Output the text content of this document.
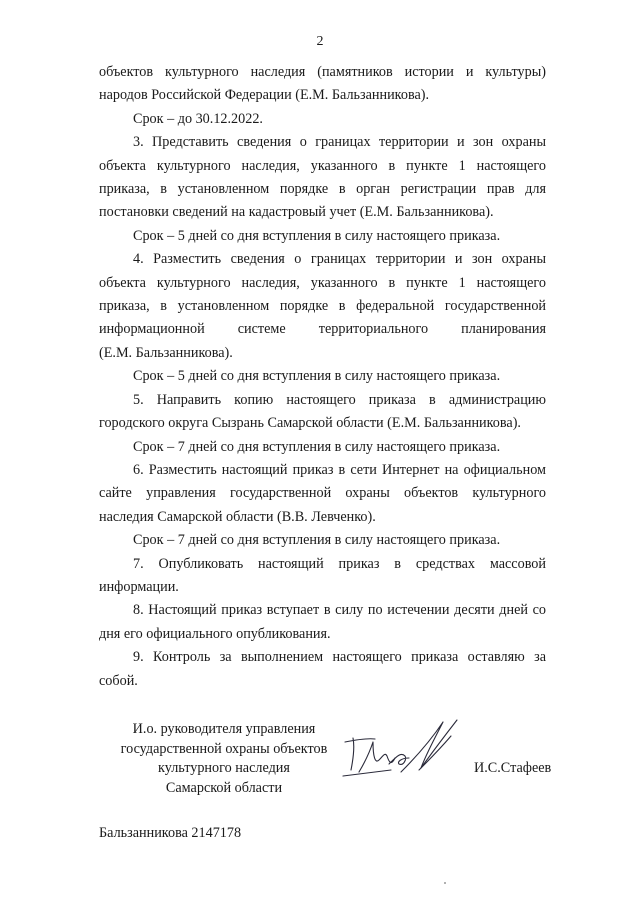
2

объектов культурного наследия (памятников истории и культуры) народов Российской Федерации (Е.М. Бальзанникова).

Срок – до 30.12.2022.

3. Представить сведения о границах территории и зон охраны объекта культурного наследия, указанного в пункте 1 настоящего приказа, в установленном порядке в орган регистрации прав для постановки сведений на кадастровый учет (Е.М. Бальзанникова).

Срок – 5 дней со дня вступления в силу настоящего приказа.

4. Разместить сведения о границах территории и зон охраны объекта культурного наследия, указанного в пункте 1 настоящего приказа, в установленном порядке в федеральной государственной информационной системе территориального планирования

(Е.М. Бальзанникова).

Срок – 5 дней со дня вступления в силу настоящего приказа.

5. Направить копию настоящего приказа в администрацию городского округа Сызрань Самарской области (Е.М. Бальзанникова).

Срок – 7 дней со дня вступления в силу настоящего приказа.

6. Разместить настоящий приказ в сети Интернет на официальном сайте управления государственной охраны объектов культурного наследия Самарской области (В.В. Левченко).

Срок – 7 дней со дня вступления в силу настоящего приказа.

7. Опубликовать настоящий приказ в средствах массовой информации.

8. Настоящий приказ вступает в силу по истечении десяти дней со дня его официального опубликования.

9. Контроль за выполнением настоящего приказа оставляю за собой.

И.о. руководителя управления
государственной охраны объектов
культурного наследия
Самарской области
И.С.Стафеев
Бальзанникова 2147178
